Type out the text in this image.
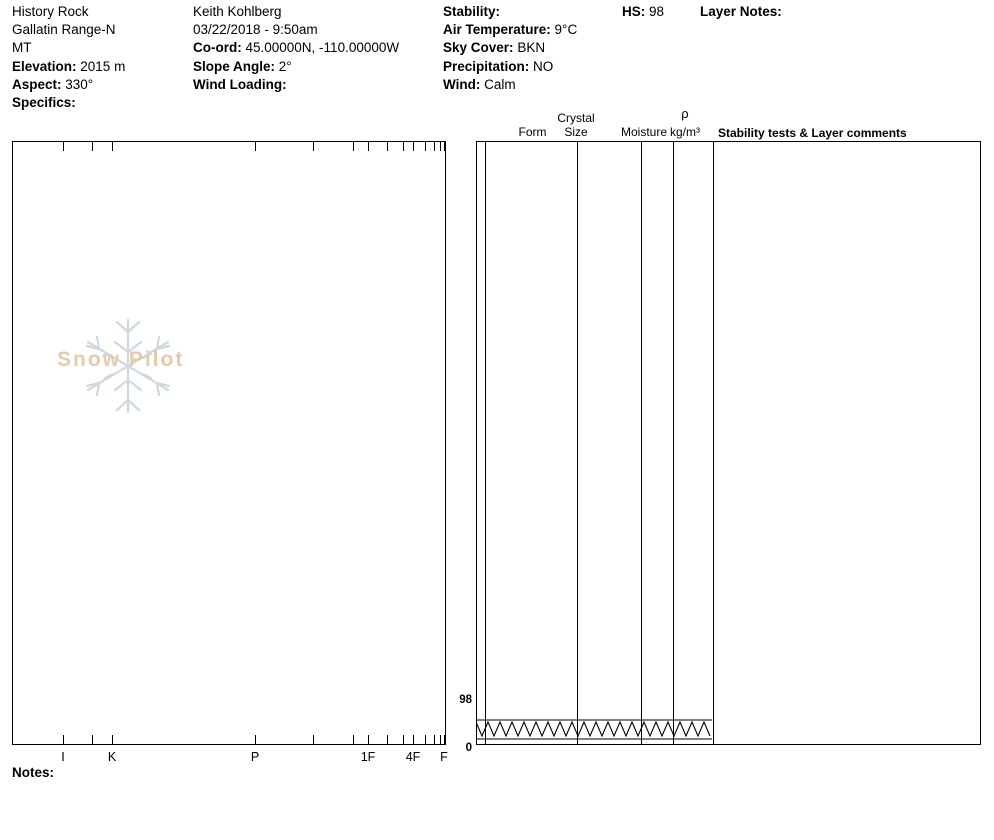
History Rock
Gallatin Range-N
MT
Elevation: 2015 m
Aspect: 330°
Specifics:
Keith Kohlberg
03/22/2018 - 9:50am
Co-ord: 45.00000N, -110.00000W
Slope Angle: 2°
Wind Loading:
Stability:
Air Temperature: 9°C
Sky Cover: BKN
Precipitation: NO
Wind: Calm
HS: 98	Layer Notes:
Form
Crystal
Size	Moisture
ρ
kg/m³	Stability tests & Layer comments
Snow Pilot
I	K	P	1F 4F F
98
0
Notes:
